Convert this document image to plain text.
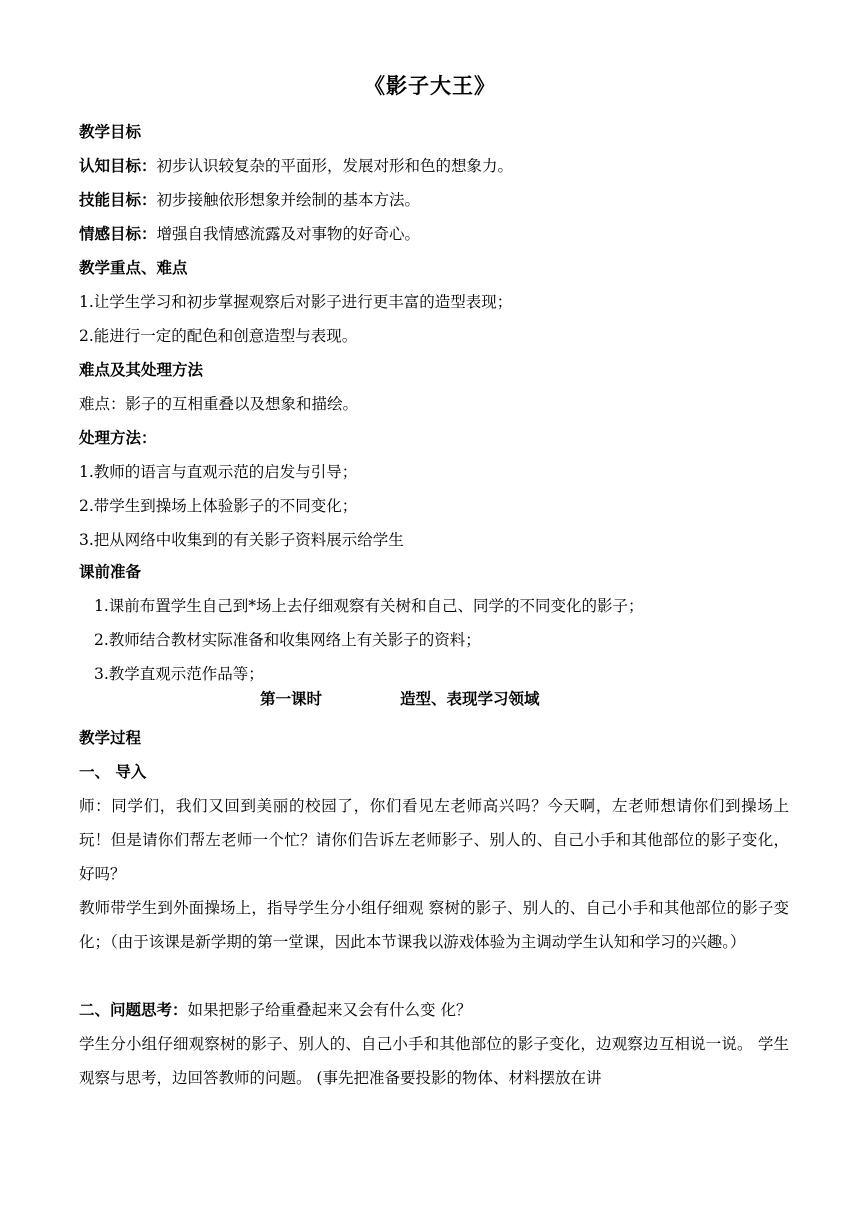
《影子大王》
教学目标
认知目标：初步认识较复杂的平面形，发展对形和色的想象力。
技能目标：初步接触依形想象并绘制的基本方法。
情感目标：增强自我情感流露及对事物的好奇心。
教学重点、难点
1.让学生学习和初步掌握观察后对影子进行更丰富的造型表现；
2.能进行一定的配色和创意造型与表现。
难点及其处理方法
难点：影子的互相重叠以及想象和描绘。
处理方法：
1.教师的语言与直观示范的启发与引导；
2.带学生到操场上体验影子的不同变化；
3.把从网络中收集到的有关影子资料展示给学生
课前准备
1.课前布置学生自己到*场上去仔细观察有关树和自己、同学的不同变化的影子；
2.教师结合教材实际准备和收集网络上有关影子的资料；
3.教学直观示范作品等；
第一课时	造型、表现学习领域
教学过程
一、 导入
师：同学们，我们又回到美丽的校园了，你们看见左老师高兴吗？今天啊，左老师想请你们到操场上玩！但是请你们帮左老师一个忙？请你们告诉左老师影子、别人的、自己小手和其他部位的影子变化，好吗？
教师带学生到外面操场上，指导学生分小组仔细观 察树的影子、别人的、自己小手和其他部位的影子变化；（由于该课是新学期的第一堂课，因此本节课我以游戏体验为主调动学生认知和学习的兴趣。）
二、问题思考：如果把影子给重叠起来又会有什么变 化？
学生分小组仔细观察树的影子、别人的、自己小手和其他部位的影子变化，边观察边互相说一说。 学生观察与思考，边回答教师的问题。 (事先把准备要投影的物体、材料摆放在讲
